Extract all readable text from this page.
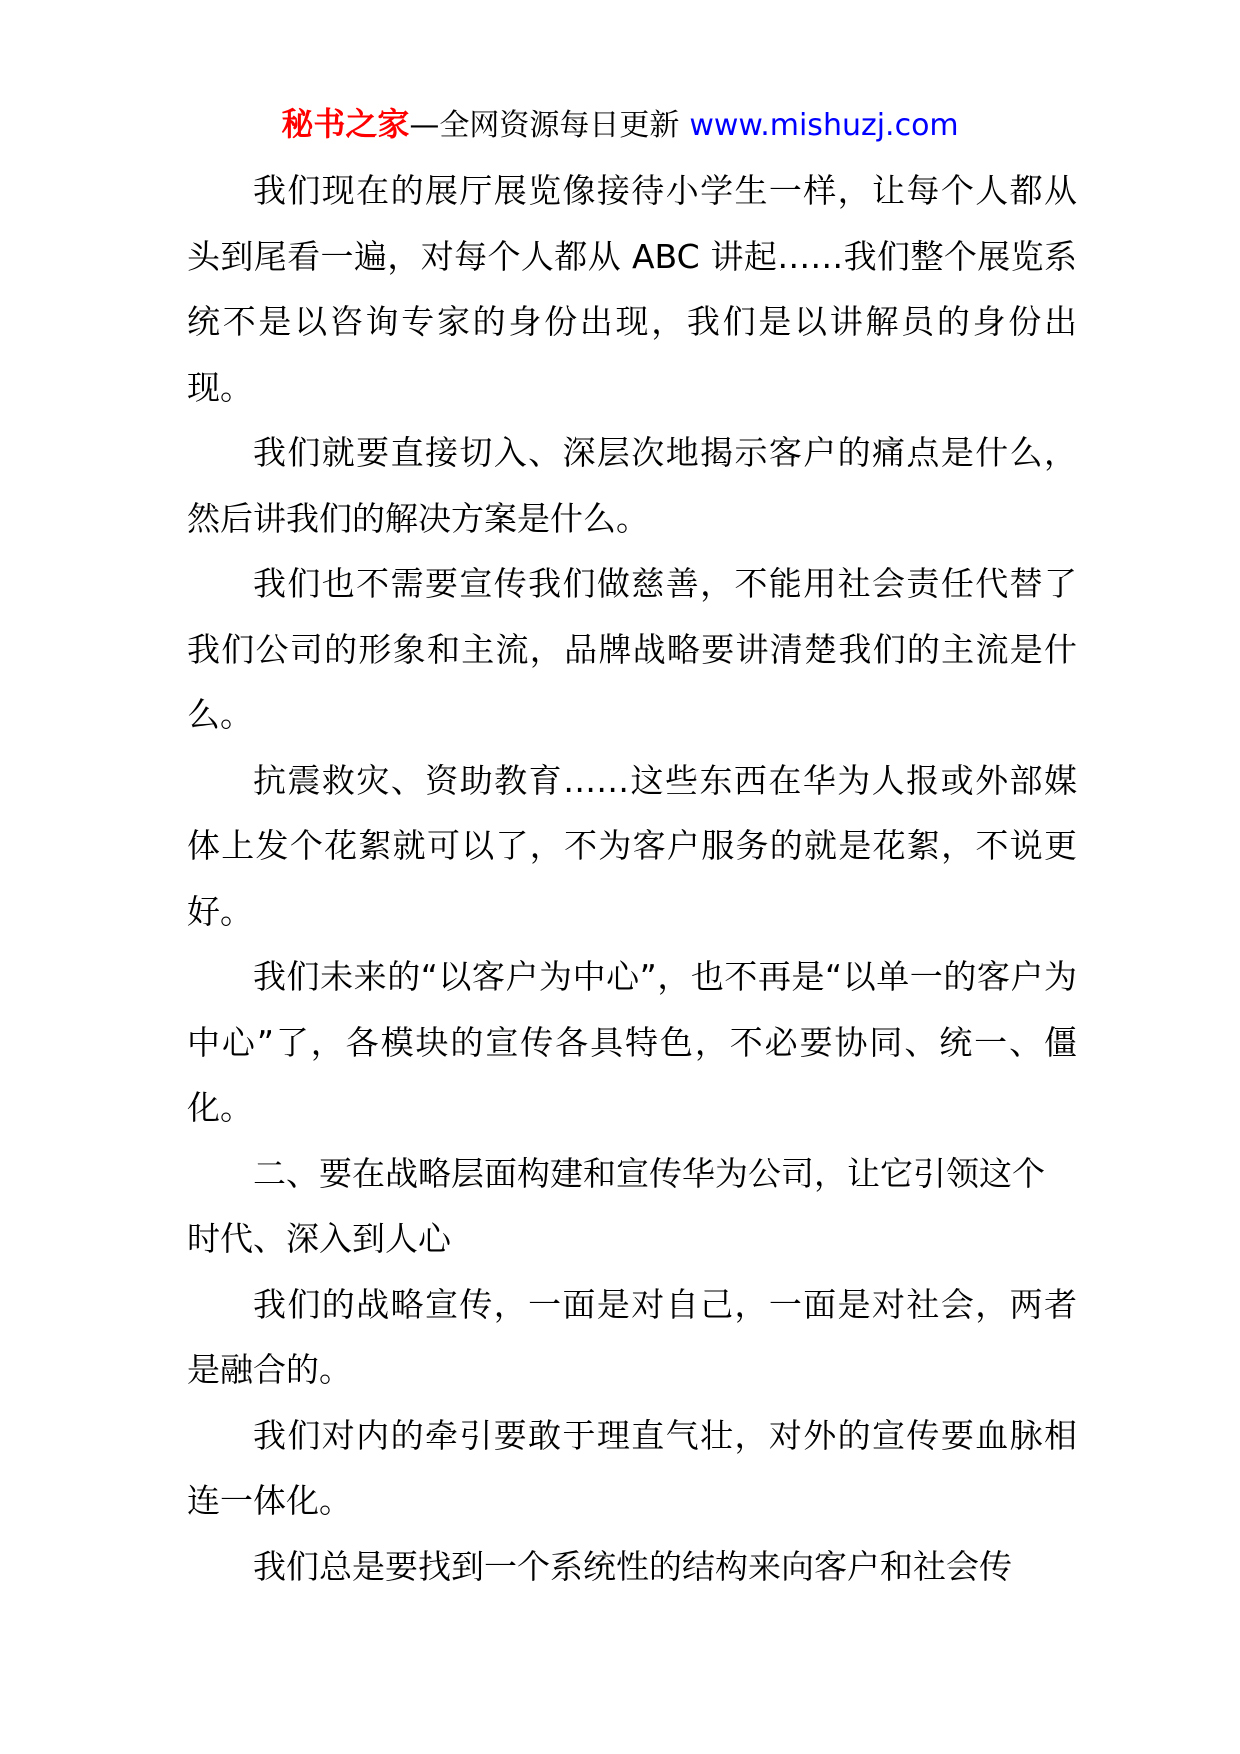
秘书之家—全网资源每日更新 www.mishuzj.com

我们现在的展厅展览像接待小学生一样，让每个人都从头到尾看一遍，对每个人都从 ABC 讲起……我们整个展览系统不是以咨询专家的身份出现，我们是以讲解员的身份出现。

我们就要直接切入、深层次地揭示客户的痛点是什么，然后讲我们的解决方案是什么。

我们也不需要宣传我们做慈善，不能用社会责任代替了我们公司的形象和主流，品牌战略要讲清楚我们的主流是什么。

抗震救灾、资助教育……这些东西在华为人报或外部媒体上发个花絮就可以了，不为客户服务的就是花絮，不说更好。

我们未来的“以客户为中心”，也不再是“以单一的客户为中心”了，各模块的宣传各具特色，不必要协同、统一、僵化。

二、要在战略层面构建和宣传华为公司，让它引领这个时代、深入到人心

我们的战略宣传，一面是对自己，一面是对社会，两者是融合的。

我们对内的牵引要敢于理直气壮，对外的宣传要血脉相连一体化。

我们总是要找到一个系统性的结构来向客户和社会传
